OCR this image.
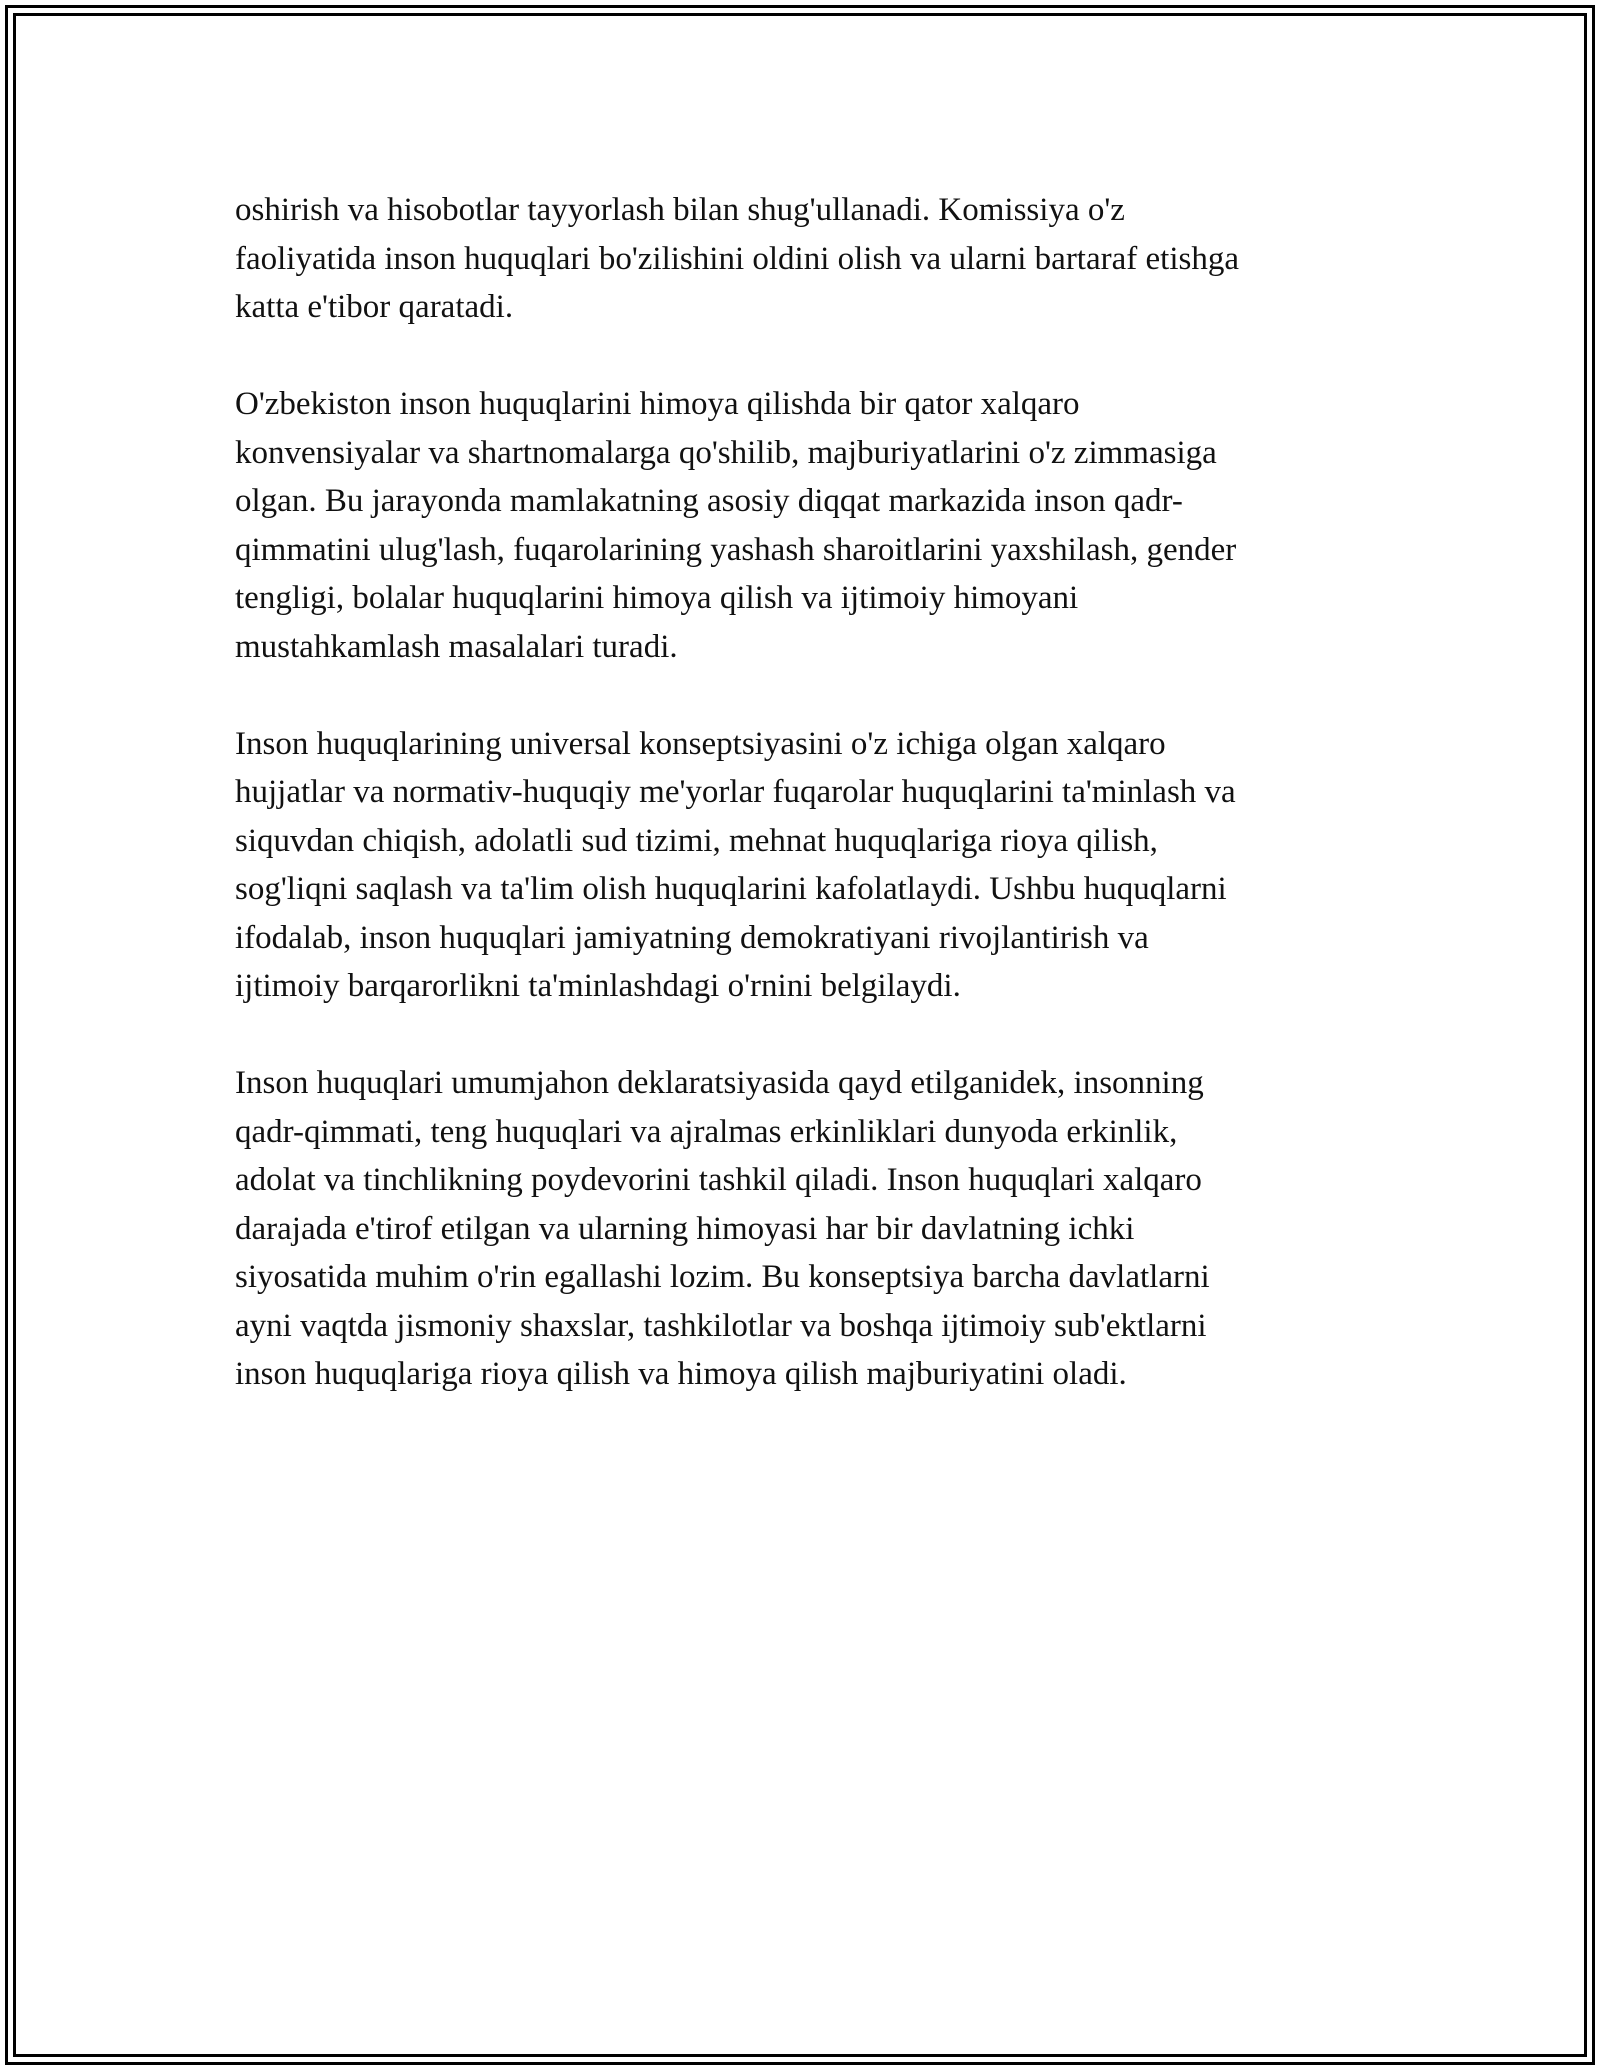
oshirish va hisobotlar tayyorlash bilan shug'ullanadi. Komissiya o'z
faoliyatida inson huquqlari bo'zilishini oldini olish va ularni bartaraf etishga
katta e'tibor qaratadi.

O'zbekiston inson huquqlarini himoya qilishda bir qator xalqaro
konvensiyalar va shartnomalarga qo'shilib, majburiyatlarini o'z zimmasiga
olgan. Bu jarayonda mamlakatning asosiy diqqat markazida inson qadr-
qimmatini ulug'lash, fuqarolarining yashash sharoitlarini yaxshilash, gender
tengligi, bolalar huquqlarini himoya qilish va ijtimoiy himoyani
mustahkamlash masalalari turadi.

Inson huquqlarining universal konseptsiyasini o'z ichiga olgan xalqaro
hujjatlar va normativ-huquqiy me'yorlar fuqarolar huquqlarini ta'minlash va
siquvdan chiqish, adolatli sud tizimi, mehnat huquqlariga rioya qilish,
sog'liqni saqlash va ta'lim olish huquqlarini kafolatlaydi. Ushbu huquqlarni
ifodalab, inson huquqlari jamiyatning demokratiyani rivojlantirish va
ijtimoiy barqarorlikni ta'minlashdagi o'rnini belgilaydi.

Inson huquqlari umumjahon deklaratsiyasida qayd etilganidek, insonning
qadr-qimmati, teng huquqlari va ajralmas erkinliklari dunyoda erkinlik,
adolat va tinchlikning poydevorini tashkil qiladi. Inson huquqlari xalqaro
darajada e'tirof etilgan va ularning himoyasi har bir davlatning ichki
siyosatida muhim o'rin egallashi lozim. Bu konseptsiya barcha davlatlarni
ayni vaqtda jismoniy shaxslar, tashkilotlar va boshqa ijtimoiy sub'ektlarni
inson huquqlariga rioya qilish va himoya qilish majburiyatini oladi.
